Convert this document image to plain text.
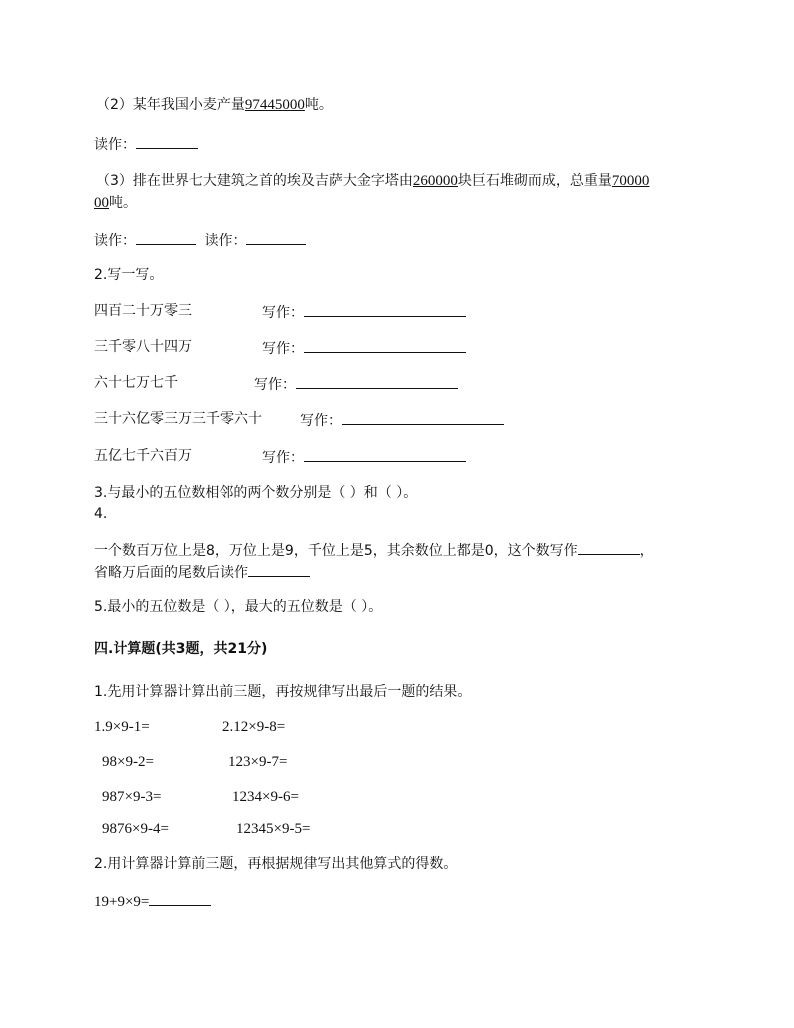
（2）某年我国小麦产量97445000吨。
读作：
（3）排在世界七大建筑之首的埃及吉萨大金字塔由260000块巨石堆砌而成，总重量70000
00吨。
读作：	读作：
2.写一写。
四百二十万零三	写作：
三千零八十四万	写作：
六十七万七千	写作：
三十六亿零三万三千零六十	写作：
五亿七千六百万	写作：
3.与最小的五位数相邻的两个数分别是（ ）和（ ）。
4.
一个数百万位上是8，万位上是9，千位上是5，其余数位上都是0，这个数写作	，
省略万后面的尾数后读作
5.最小的五位数是（ ），最大的五位数是（ ）。
四.计算题(共3题，共21分)
1.先用计算器计算出前三题，再按规律写出最后一题的结果。
1.9×9-1=	2.12×9-8=
98×9-2=	123×9-7=
987×9-3=	1234×9-6=
9876×9-4=	12345×9-5=
2.用计算器计算前三题，再根据规律写出其他算式的得数。
19+9×9=
